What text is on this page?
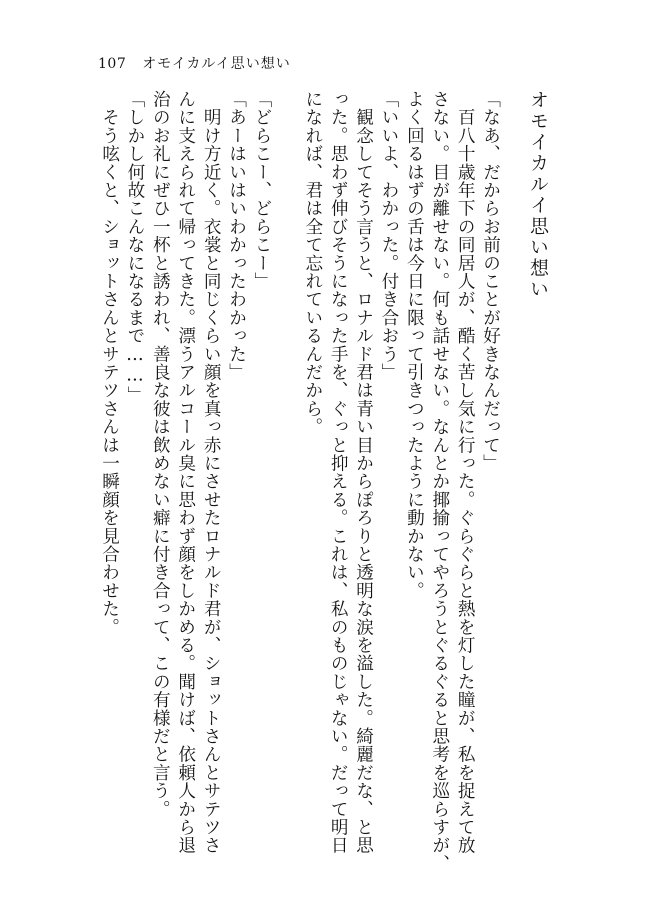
107 オモイカルイ思い想い
オモイカルイ思い想い
「なあ、だからお前のことが好きなんだって」
　百八十歳年下の同居人が、酷く苦し気に行った。ぐらぐらと熱を灯した瞳が、私を捉えて放
さない。目が離せない。何も話せない。なんとか揶揄ってやろうとぐるぐると思考を巡らすが、
よく回るはずの舌は今日に限って引きつったように動かない。
「いいよ、わかった。付き合おう」
　観念してそう言うと、ロナルド君は青い目からぽろりと透明な涙を溢した。綺麗だな、と思
った。思わず伸びそうになった手を、ぐっと抑える。これは、私のものじゃない。だって明日
になれば、君は全て忘れているんだから。

「どらこー、どらこー」
「あーはいはいわかったわかった」
　明け方近く。衣裳と同じくらい顔を真っ赤にさせたロナルド君が、ショットさんとサテツさ
んに支えられて帰ってきた。漂うアルコール臭に思わず顔をしかめる。聞けば、依頼人から退
治のお礼にぜひ一杯と誘われ、善良な彼は飲めない癖に付き合って、この有様だと言う。
「しかし何故こんなになるまで……」
　そう呟くと、ショットさんとサテツさんは一瞬顔を見合わせた。
